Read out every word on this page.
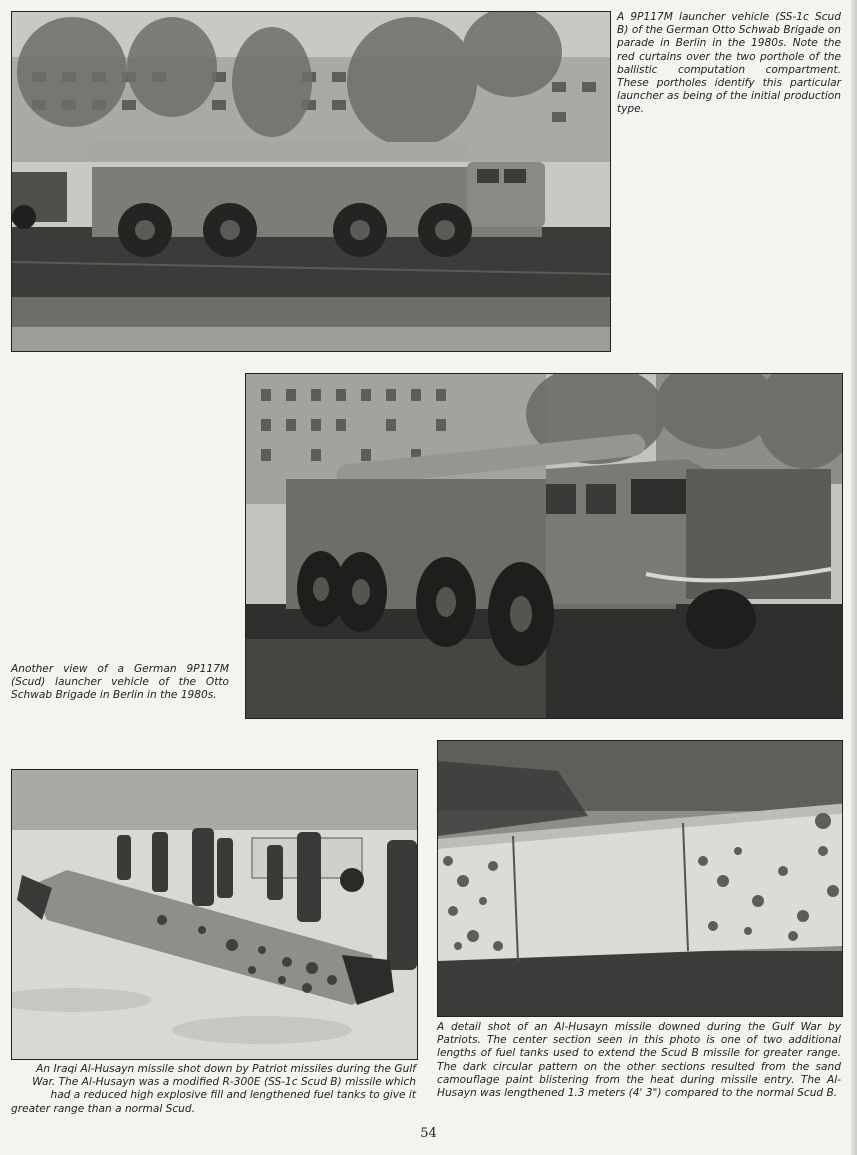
A 9P117M launcher vehicle (SS-1c Scud B) of the German Otto Schwab Brigade on parade in Berlin in the 1980s. Note the red curtains over the two porthole of the ballistic computation compartment. These portholes identify this particular launcher as being of the initial production type.

Another view of a German 9P117M (Scud) launcher vehicle of the Otto Schwab Brigade in Berlin in the 1980s.

An Iraqi Al-Husayn missile shot down by Patriot missiles during the Gulf War. The Al-Husayn was a modified R-300E (SS-1c Scud B) missile which had a reduced high explosive fill and lengthened fuel tanks to give it greater range than a normal Scud.

A detail shot of an Al-Husayn missile downed during the Gulf War by Patriots. The center section seen in this photo is one of two additional lengths of fuel tanks used to extend the Scud B missile for greater range. The dark circular pattern on the other sections resulted from the sand camouflage paint blistering from the heat during missile entry. The Al-Husayn was lengthened 1.3 meters (4' 3") compared to the normal Scud B.

54
